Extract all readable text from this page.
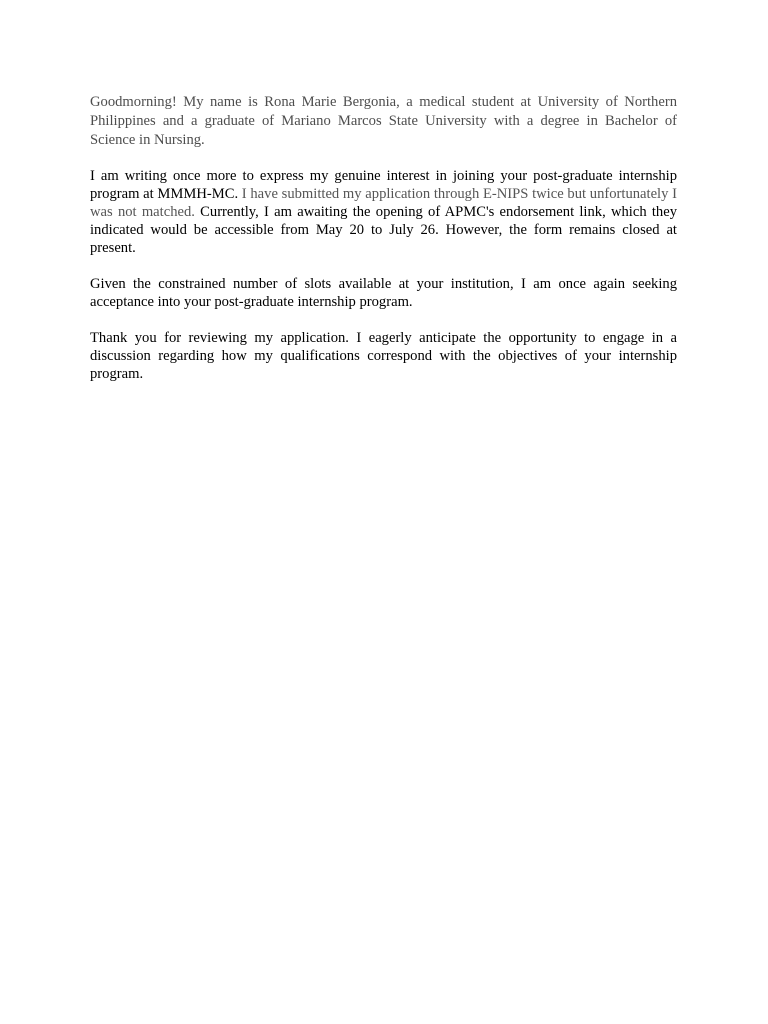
Goodmorning! My name is Rona Marie Bergonia, a medical student at University of Northern Philippines and a graduate of Mariano Marcos State University with a degree in Bachelor of Science in Nursing.

I am writing once more to express my genuine interest in joining your post-graduate internship program at MMMH-MC. I have submitted my application through E-NIPS twice but unfortunately I was not matched. Currently, I am awaiting the opening of APMC's endorsement link, which they indicated would be accessible from May 20 to July 26. However, the form remains closed at present.

Given the constrained number of slots available at your institution, I am once again seeking acceptance into your post-graduate internship program.

Thank you for reviewing my application. I eagerly anticipate the opportunity to engage in a discussion regarding how my qualifications correspond with the objectives of your internship program.
